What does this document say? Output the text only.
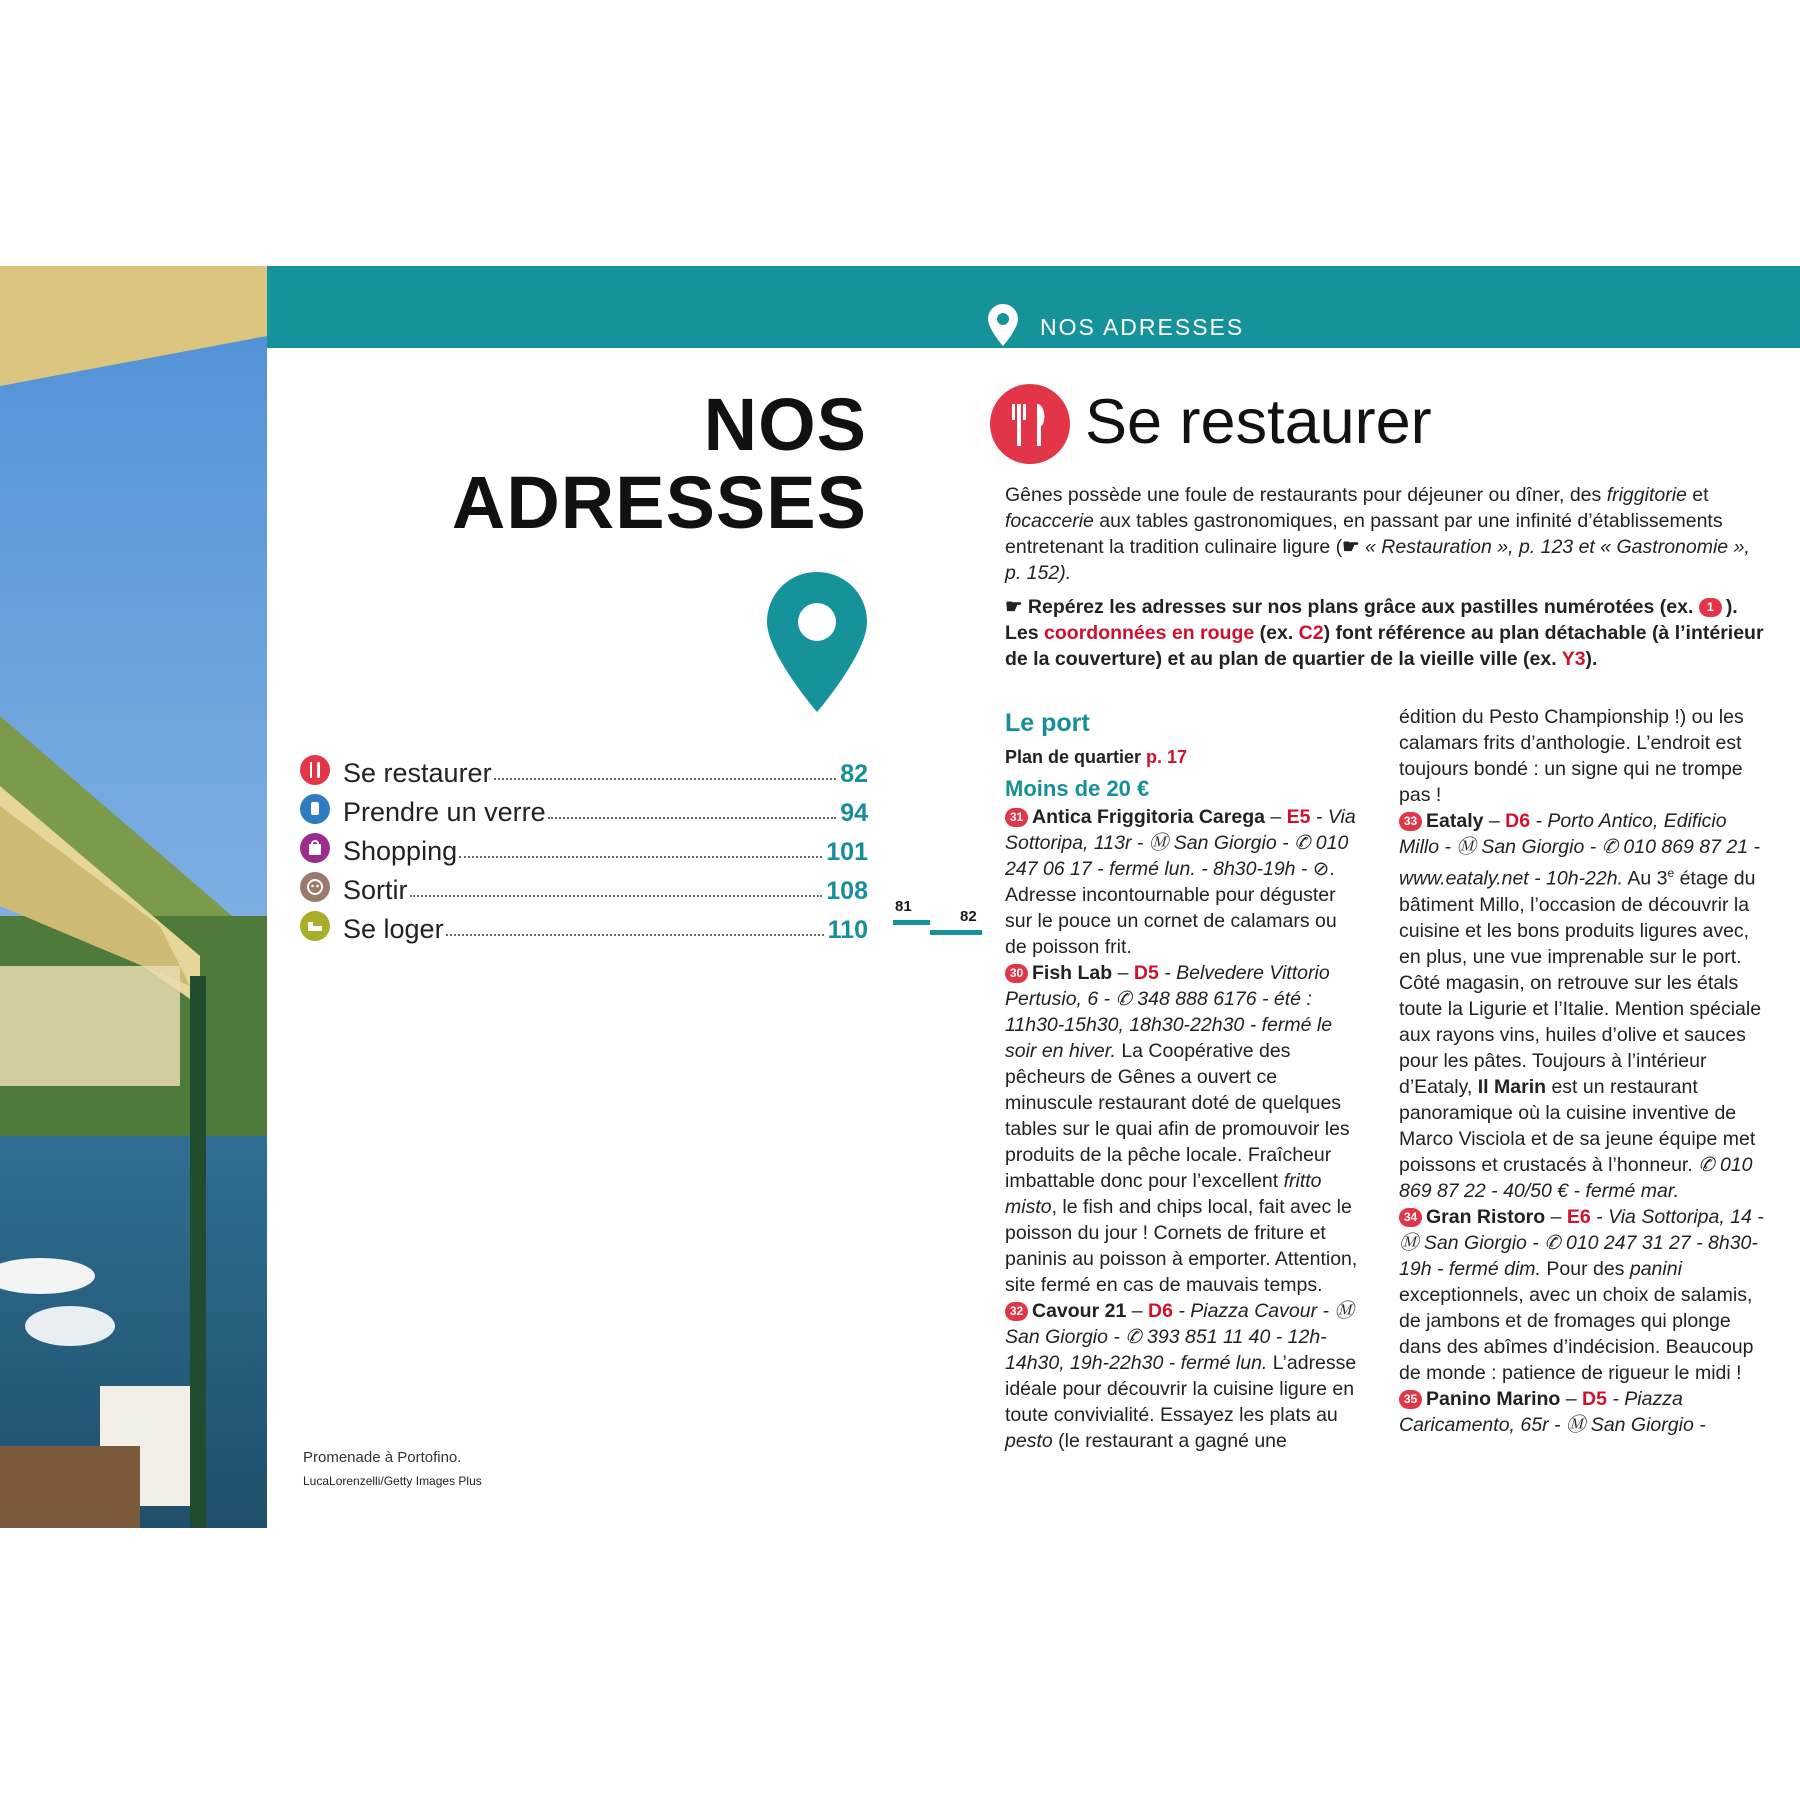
NOS
ADRESSES
Se restaurer	82
Prendre un verre	94
Shopping	101
Sortir	108
Se loger	110
Promenade à Portofino.
LucaLorenzelli/Getty Images Plus
81
82
NOS ADRESSES
Se restaurer

Gênes possède une foule de restaurants pour déjeuner ou dîner, des friggitorie et focaccerie aux tables gastronomiques, en passant par une infinité d’établissements entretenant la tradition culinaire ligure (☛ « Restauration », p. 123 et « Gastronomie », p. 152).

☛ Repérez les adresses sur nos plans grâce aux pastilles numérotées (ex. 1 ). Les coordonnées en rouge (ex. C2) font référence au plan détachable (à l’intérieur de la couverture) et au plan de quartier de la vieille ville (ex. Y3).

Le port

Plan de quartier p. 17

Moins de 20 €

31 Antica Friggitoria Carega – E5 - Via Sottoripa, 113r - Ⓜ San Giorgio - ✆ 010 247 06 17 - fermé lun. - 8h30-19h - ⊘. Adresse incontournable pour déguster sur le pouce un cornet de calamars ou de poisson frit.

30 Fish Lab – D5 - Belvedere Vittorio Pertusio, 6 - ✆ 348 888 6176 - été : 11h30-15h30, 18h30-22h30 - fermé le soir en hiver. La Coopérative des pêcheurs de Gênes a ouvert ce minuscule restaurant doté de quelques tables sur le quai afin de promouvoir les produits de la pêche locale. Fraîcheur imbattable donc pour l’excellent fritto misto, le fish and chips local, fait avec le poisson du jour ! Cornets de friture et paninis au poisson à emporter. Attention, site fermé en cas de mauvais temps.

32 Cavour 21 – D6 - Piazza Cavour - Ⓜ San Giorgio - ✆ 393 851 11 40 - 12h-14h30, 19h-22h30 - fermé lun. L’adresse idéale pour découvrir la cuisine ligure en toute convivialité. Essayez les plats au pesto (le restaurant a gagné une

édition du Pesto Championship !) ou les calamars frits d’anthologie. L’endroit est toujours bondé : un signe qui ne trompe pas !

33 Eataly – D6 - Porto Antico, Edificio Millo - Ⓜ San Giorgio - ✆ 010 869 87 21 - www.eataly.net - 10h-22h. Au 3e étage du bâtiment Millo, l’occasion de découvrir la cuisine et les bons produits ligures avec, en plus, une vue imprenable sur le port. Côté magasin, on retrouve sur les étals toute la Ligurie et l’Italie. Mention spéciale aux rayons vins, huiles d’olive et sauces pour les pâtes. Toujours à l’intérieur d’Eataly, Il Marin est un restaurant panoramique où la cuisine inventive de Marco Visciola et de sa jeune équipe met poissons et crustacés à l’honneur. ✆ 010 869 87 22 - 40/50 € - fermé mar.

34 Gran Ristoro – E6 - Via Sottoripa, 14 - Ⓜ San Giorgio - ✆ 010 247 31 27 - 8h30-19h - fermé dim. Pour des panini exceptionnels, avec un choix de salamis, de jambons et de fromages qui plonge dans des abîmes d’indécision. Beaucoup de monde : patience de rigueur le midi !

35 Panino Marino – D5 - Piazza Caricamento, 65r - Ⓜ San Giorgio -
